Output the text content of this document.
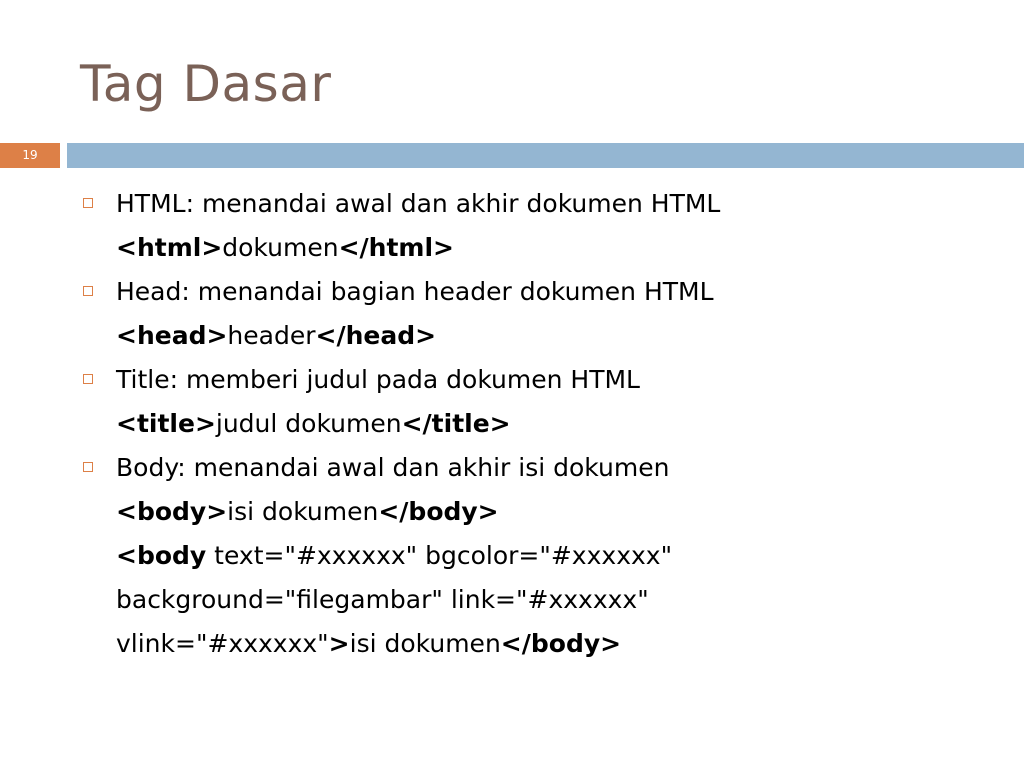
Tag Dasar
19
HTML: menandai awal dan akhir dokumen HTML
<html>dokumen</html>
Head: menandai bagian header dokumen HTML
<head>header</head>
Title: memberi judul pada dokumen HTML
<title>judul dokumen</title>
Body: menandai awal dan akhir isi dokumen
<body>isi dokumen</body>
<body text="#xxxxxx" bgcolor="#xxxxxx"
background="filegambar" link="#xxxxxx"
vlink="#xxxxxx">isi dokumen</body>
